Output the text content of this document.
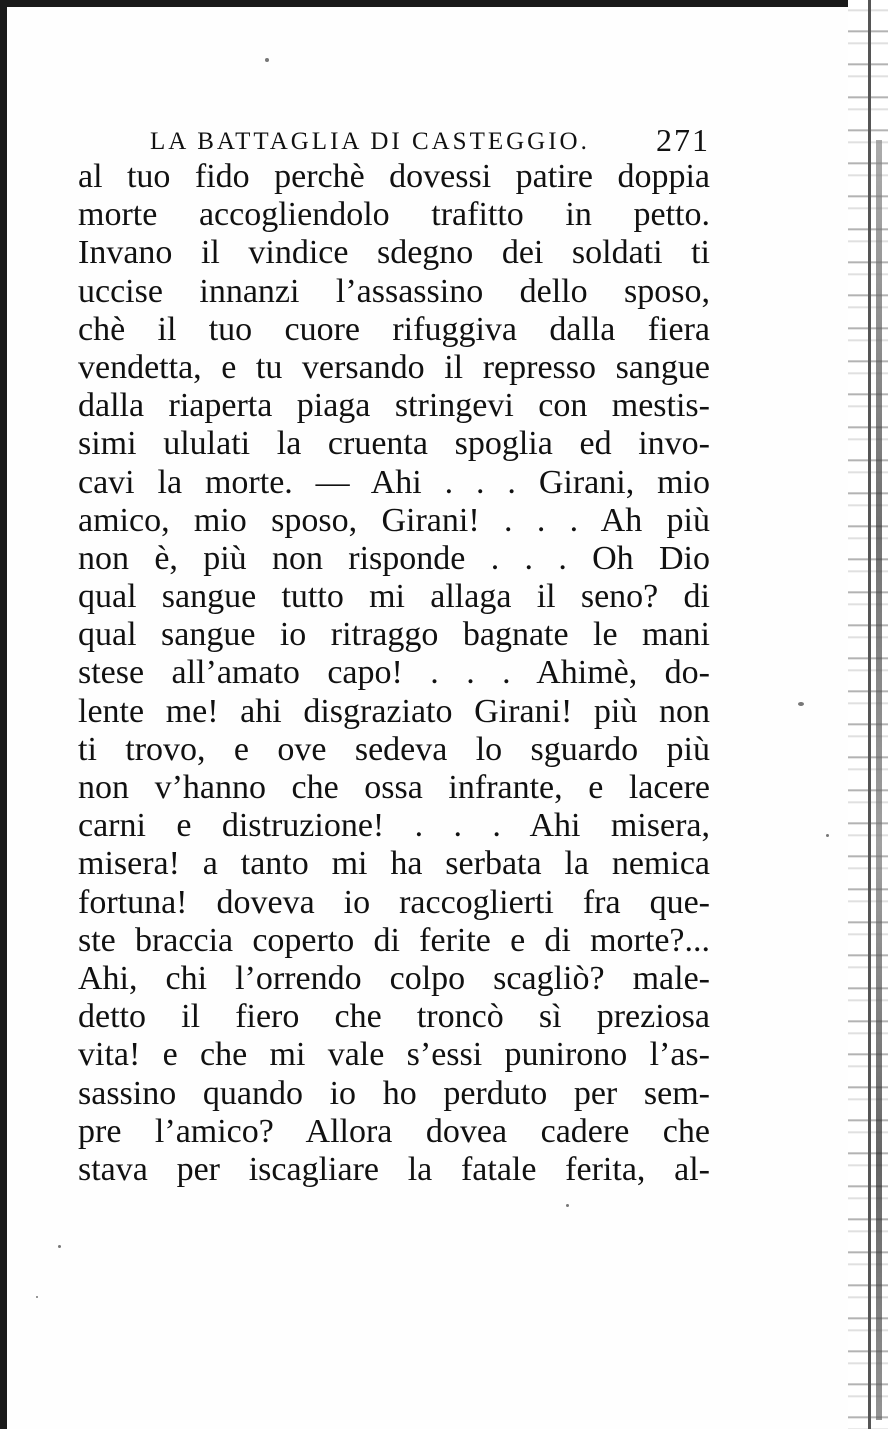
LA BATTAGLIA DI CASTEGGIO. 271
al tuo fido perchè dovessi patire doppia
morte accogliendolo trafitto in petto.
Invano il vindice sdegno dei soldati ti
uccise innanzi l’assassino dello sposo,
chè il tuo cuore rifuggiva dalla fiera
vendetta, e tu versando il represso sangue
dalla riaperta piaga stringevi con mestis-
simi ululati la cruenta spoglia ed invo-
cavi la morte. — Ahi . . . Girani, mio
amico, mio sposo, Girani! . . . Ah più
non è, più non risponde . . . Oh Dio
qual sangue tutto mi allaga il seno? di
qual sangue io ritraggo bagnate le mani
stese all’amato capo! . . . Ahimè, do-
lente me! ahi disgraziato Girani! più non
ti trovo, e ove sedeva lo sguardo più
non v’hanno che ossa infrante, e lacere
carni e distruzione! . . . Ahi misera,
misera! a tanto mi ha serbata la nemica
fortuna! doveva io raccoglierti fra que-
ste braccia coperto di ferite e di morte?...
Ahi, chi l’orrendo colpo scagliò? male-
detto il fiero che troncò sì preziosa
vita! e che mi vale s’essi punirono l’as-
sassino quando io ho perduto per sem-
pre l’amico? Allora dovea cadere che
stava per iscagliare la fatale ferita, al-
